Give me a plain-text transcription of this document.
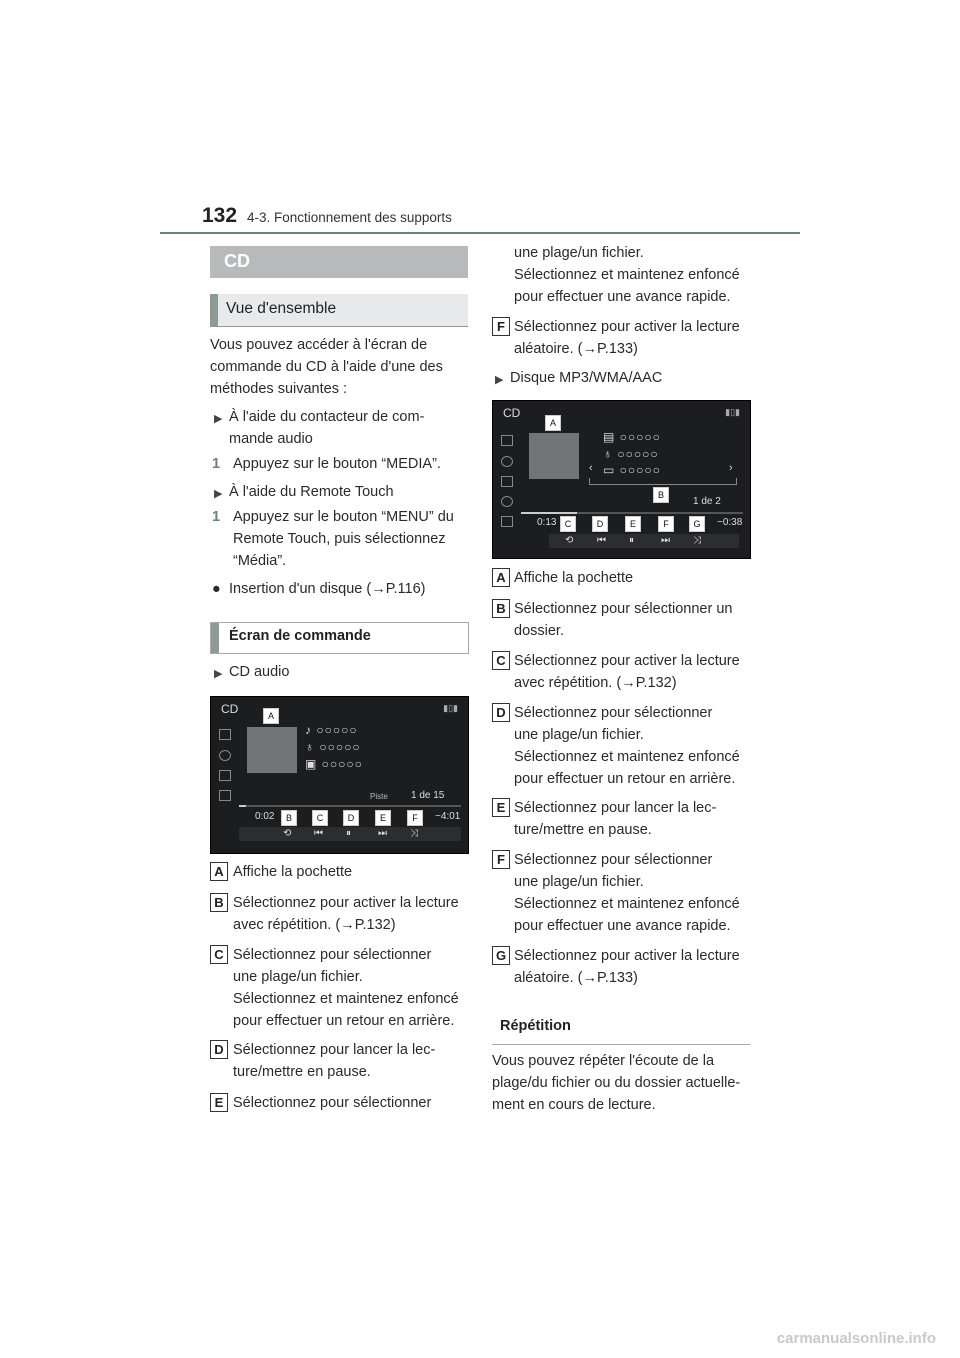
132 4-3. Fonctionnement des supports
CD
Vue d'ensemble
Vous pouvez accéder à l'écran de
commande du CD à l'aide d'une des
méthodes suivantes :
▶ À l'aide du contacteur de com-
mande audio
1 Appuyez sur le bouton “MEDIA”.
▶ À l'aide du Remote Touch
1 Appuyez sur le bouton “MENU” du
Remote Touch, puis sélectionnez
“Média”.
● Insertion d'un disque (→P.116)
Écran de commande
▶ CD audio
CD	▮▯▮
A
♪ ○○○○○
♁ ○○○○○
▣ ○○○○○
Piste 1 de 15
0:02	−4:01
B	C	D	E	F
⟲ ⏮ ⏸	⏭ ⤨
A Affiche la pochette
B Sélectionnez pour activer la lecture
avec répétition. (→P.132)
C Sélectionnez pour sélectionner
une plage/un fichier.
Sélectionnez et maintenez enfoncé
pour effectuer un retour en arrière.
D Sélectionnez pour lancer la lec-
ture/mettre en pause.
E Sélectionnez pour sélectionner
une plage/un fichier.
Sélectionnez et maintenez enfoncé
pour effectuer une avance rapide.
F Sélectionnez pour activer la lecture
aléatoire. (→P.133)
▶ Disque MP3/WMA/AAC
CD	▮▯▮
A
▤ ○○○○○
♁ ○○○○○
‹ ▭ ○○○○○	›
B
1 de 2
0:13	−0:38
C	D	E	F	G
⟲ ⏮ ⏸	⏭ ⤨
A Affiche la pochette
B Sélectionnez pour sélectionner un
dossier.
C Sélectionnez pour activer la lecture
avec répétition. (→P.132)
D Sélectionnez pour sélectionner
une plage/un fichier.
Sélectionnez et maintenez enfoncé
pour effectuer un retour en arrière.
E Sélectionnez pour lancer la lec-
ture/mettre en pause.
F Sélectionnez pour sélectionner
une plage/un fichier.
Sélectionnez et maintenez enfoncé
pour effectuer une avance rapide.
G Sélectionnez pour activer la lecture
aléatoire. (→P.133)
Répétition
Vous pouvez répéter l'écoute de la
plage/du fichier ou du dossier actuelle-
ment en cours de lecture.
carmanualsonline.info
